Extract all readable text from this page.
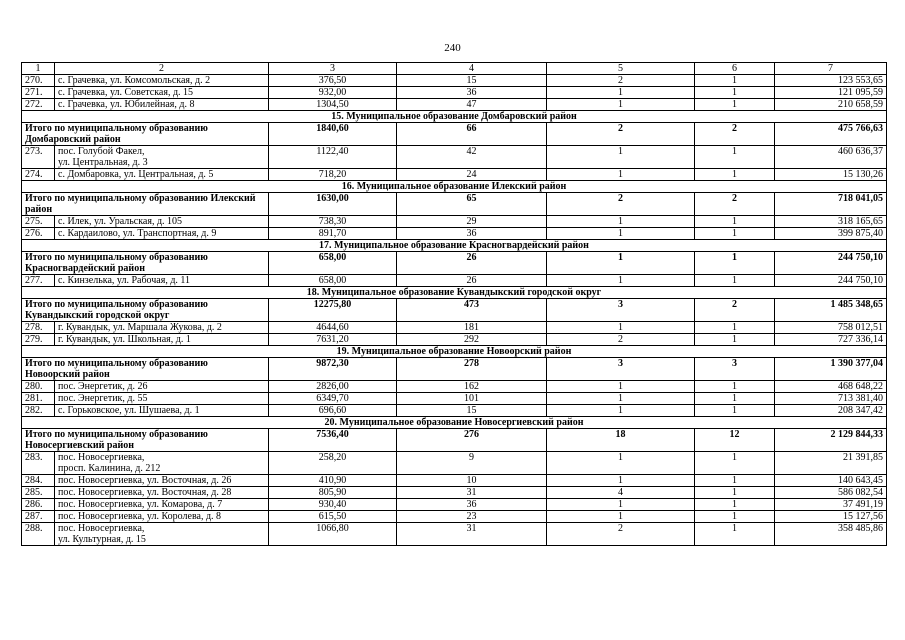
240
1	2	3	4	5	6	7
270.	с. Грачевка, ул. Комсомольская, д. 2	376,50	15	2	1	123 553,65
271.	с. Грачевка, ул. Советская, д. 15	932,00	36	1	1	121 095,59
272.	с. Грачевка, ул. Юбилейная, д. 8	1304,50	47	1	1	210 658,59
15. Муниципальное образование Домбаровский район						
Итого по муниципальному образованию Домбаровский район		1840,60	66	2	2	475 766,63
273.	пос. Голубой Факел,
ул. Центральная, д. 3	1122,40	42	1	1	460 636,37
274.	с. Домбаровка, ул. Центральная, д. 5	718,20	24	1	1	15 130,26
16. Муниципальное образование Илекский район						
Итого по муниципальному образованию Илекский район		1630,00	65	2	2	718 041,05
275.	с. Илек, ул. Уральская, д. 105	738,30	29	1	1	318 165,65
276.	с. Кардаилово, ул. Транспортная, д. 9	891,70	36	1	1	399 875,40
17. Муниципальное образование Красногвардейский район						
Итого по муниципальному образованию Красногвардейский район		658,00	26	1	1	244 750,10
277.	с. Кинзелька, ул. Рабочая, д. 11	658,00	26	1	1	244 750,10
18. Муниципальное образование Кувандыкский городской округ						
Итого по муниципальному образованию Кувандыкский городской округ		12275,80	473	3	2	1 485 348,65
278.	г. Кувандык, ул. Маршала Жукова, д. 2	4644,60	181	1	1	758 012,51
279.	г. Кувандык, ул. Школьная, д. 1	7631,20	292	2	1	727 336,14
19. Муниципальное образование Новоорский район						
Итого по муниципальному образованию Новоорский район		9872,30	278	3	3	1 390 377,04
280.	пос. Энергетик, д. 26	2826,00	162	1	1	468 648,22
281.	пос. Энергетик, д. 55	6349,70	101	1	1	713 381,40
282.	с. Горьковское, ул. Шушаева, д. 1	696,60	15	1	1	208 347,42
20. Муниципальное образование Новосергиевский район						
Итого по муниципальному образованию Новосергиевский район		7536,40	276	18	12	2 129 844,33
283.	пос. Новосергиевка,
просп. Калинина, д. 212	258,20	9	1	1	21 391,85
284.	пос. Новосергиевка, ул. Восточная, д. 26	410,90	10	1	1	140 643,45
285.	пос. Новосергиевка, ул. Восточная, д. 28	805,90	31	4	1	586 082,54
286.	пос. Новосергиевка, ул. Комарова, д. 7	930,40	36	1	1	37 491,19
287.	пос. Новосергиевка, ул. Королева, д. 8	615,50	23	1	1	15 127,56
288.	пос. Новосергиевка,
ул. Культурная, д. 15	1066,80	31	2	1	358 485,86
